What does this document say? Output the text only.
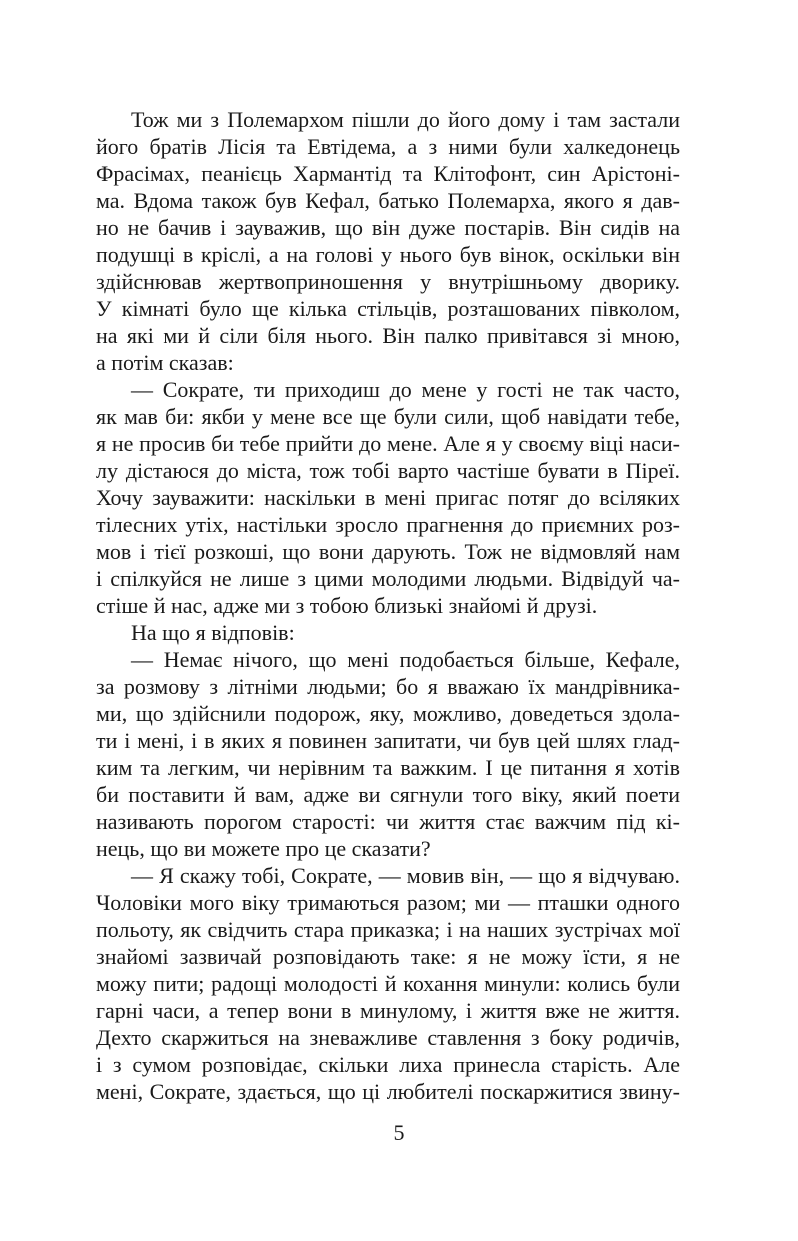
Тож ми з Полемархом пішли до його дому і там застали
його братів Лісія та Евтідема, а з ними були халкедонець
Фрасімах, пеанієць Хармантід та Клітофонт, син Арістоні-
ма. Вдома також був Кефал, батько Полемарха, якого я дав-
но не бачив і зауважив, що він дуже постарів. Він сидів на
подушці в кріслі, а на голові у нього був вінок, оскільки він
здійснював жертвоприношення у внутрішньому дворику.
У кімнаті було ще кілька стільців, розташованих півколом,
на які ми й сіли біля нього. Він палко привітався зі мною,
а потім сказав:
— Сократе, ти приходиш до мене у гості не так часто,
як мав би: якби у мене все ще були сили, щоб навідати тебе,
я не просив би тебе прийти до мене. Але я у своєму віці наси-
лу дістаюся до міста, тож тобі варто частіше бувати в Піреї.
Хочу зауважити: наскільки в мені пригас потяг до всіляких
тілесних утіх, настільки зросло прагнення до приємних роз-
мов і тієї розкоші, що вони дарують. Тож не відмовляй нам
і спілкуйся не лише з цими молодими людьми. Відвідуй ча-
стіше й нас, адже ми з тобою близькі знайомі й друзі.
На що я відповів:
— Немає нічого, що мені подобається більше, Кефале,
за розмову з літніми людьми; бо я вважаю їх мандрівника-
ми, що здійснили подорож, яку, можливо, доведеться здола-
ти і мені, і в яких я повинен запитати, чи був цей шлях глад-
ким та легким, чи нерівним та важким. І це питання я хотів
би поставити й вам, адже ви сягнули того віку, який поети
називають порогом старості: чи життя стає важчим під кі-
нець, що ви можете про це сказати?
— Я скажу тобі, Сократе, — мовив він, — що я відчуваю.
Чоловіки мого віку тримаються разом; ми — пташки одного
польоту, як свідчить стара приказка; і на наших зустрічах мої
знайомі зазвичай розповідають таке: я не можу їсти, я не
можу пити; радощі молодості й кохання минули: колись були
гарні часи, а тепер вони в минулому, і життя вже не життя.
Дехто скаржиться на зневажливе ставлення з боку родичів,
і з сумом розповідає, скільки лиха принесла старість. Але
мені, Сократе, здається, що ці любителі поскаржитися звину-
5
